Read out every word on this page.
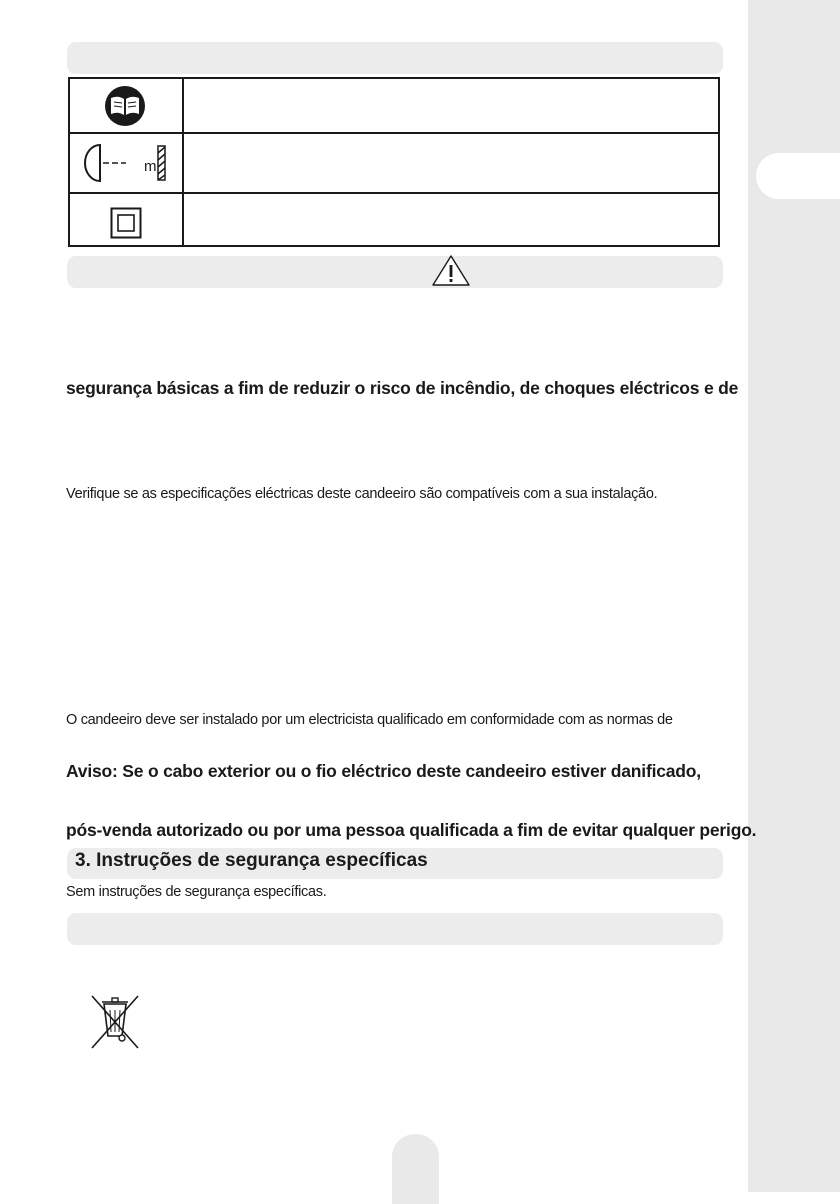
m
segurança básicas a fim de reduzir o risco de incêndio, de choques eléctricos e de
Verifique se as especificações eléctricas deste candeeiro são compatíveis com a sua instalação.
O candeeiro deve ser instalado por um electricista qualificado em conformidade com as normas de
Aviso: Se o cabo exterior ou o fio eléctrico deste candeeiro estiver danificado,
pós-venda autorizado ou por uma pessoa qualificada a fim de evitar qualquer perigo.
3. Instruções de segurança específicas
Sem instruções de segurança específicas.
